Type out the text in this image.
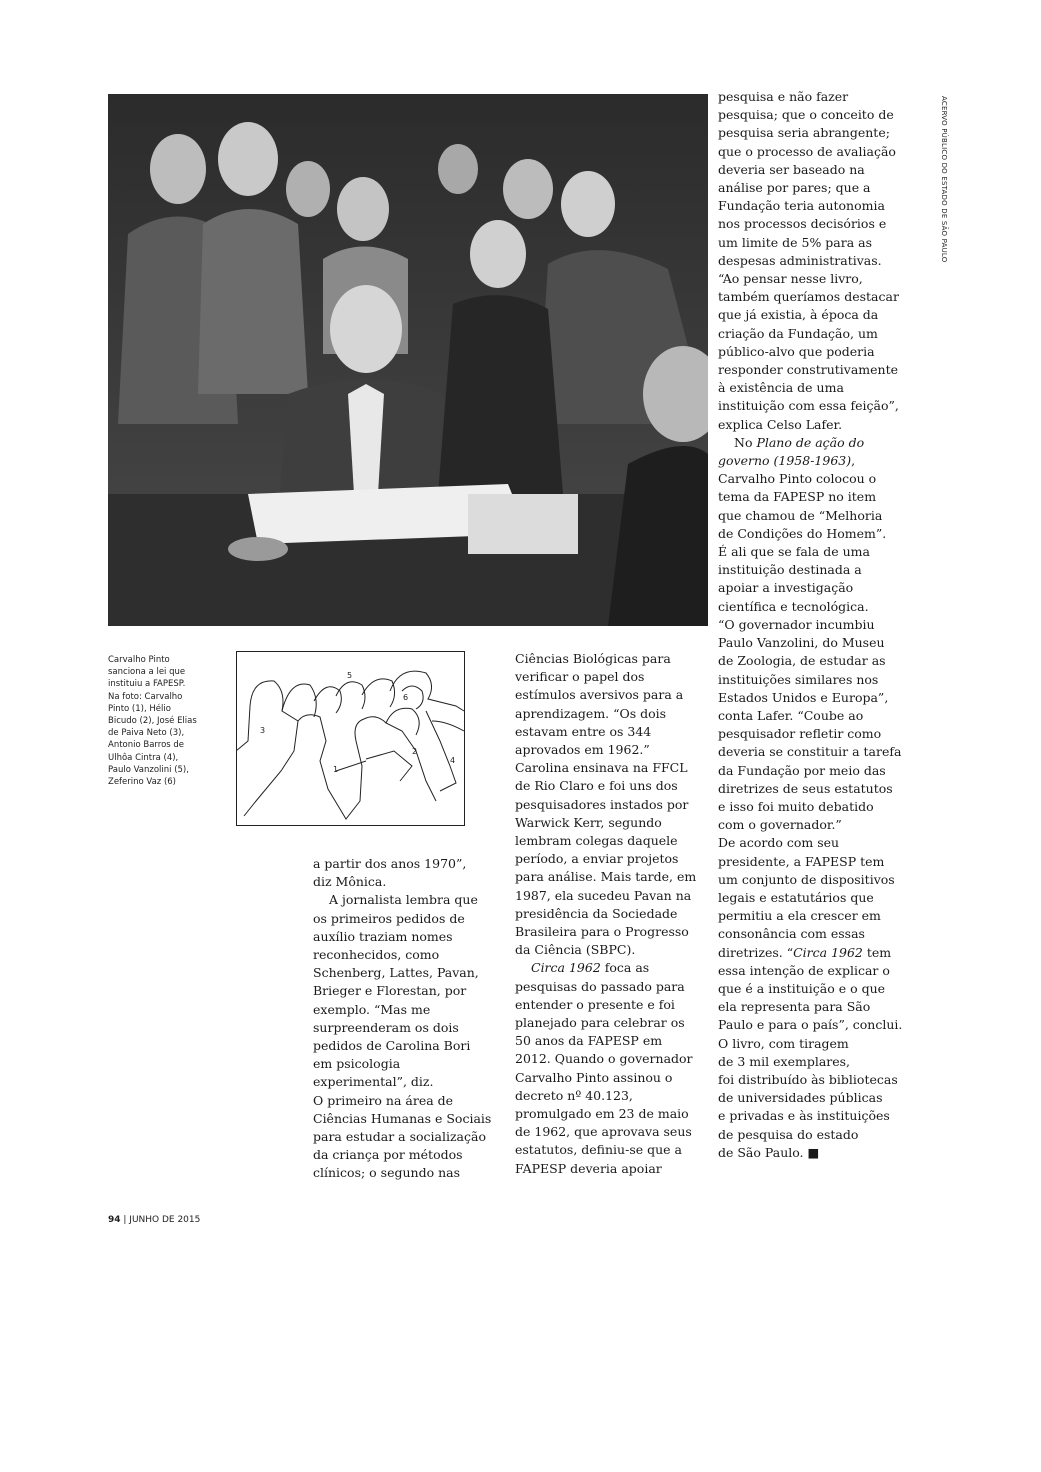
ACERVO PÚBLICO DO ESTADO DE SÃO PAULO
Carvalho Pinto
sanciona a lei que
instituiu a FAPESP.
Na foto: Carvalho
Pinto (1), Hélio
Bicudo (2), José Elias
de Paiva Neto (3),
Antonio Barros de
Ulhôa Cintra (4),
Paulo Vanzolini (5),
Zeferino Vaz (6)
1
2
3
4
5
6
a partir dos anos 1970”,
diz Mônica.
A jornalista lembra que
os primeiros pedidos de
auxílio traziam nomes
reconhecidos, como
Schenberg, Lattes, Pavan,
Brieger e Florestan, por
exemplo. “Mas me
surpreenderam os dois
pedidos de Carolina Bori
em psicologia
experimental”, diz.
O primeiro na área de
Ciências Humanas e Sociais
para estudar a socialização
da criança por métodos
clínicos; o segundo nas
Ciências Biológicas para
verificar o papel dos
estímulos aversivos para a
aprendizagem. “Os dois
estavam entre os 344
aprovados em 1962.”
Carolina ensinava na FFCL
de Rio Claro e foi uns dos
pesquisadores instados por
Warwick Kerr, segundo
lembram colegas daquele
período, a enviar projetos
para análise. Mais tarde, em
1987, ela sucedeu Pavan na
presidência da Sociedade
Brasileira para o Progresso
da Ciência (SBPC).
Circa 1962 foca as
pesquisas do passado para
entender o presente e foi
planejado para celebrar os
50 anos da FAPESP em
2012. Quando o governador
Carvalho Pinto assinou o
decreto nº 40.123,
promulgado em 23 de maio
de 1962, que aprovava seus
estatutos, definiu-se que a
FAPESP deveria apoiar
pesquisa e não fazer
pesquisa; que o conceito de
pesquisa seria abrangente;
que o processo de avaliação
deveria ser baseado na
análise por pares; que a
Fundação teria autonomia
nos processos decisórios e
um limite de 5% para as
despesas administrativas.
“Ao pensar nesse livro,
também queríamos destacar
que já existia, à época da
criação da Fundação, um
público-alvo que poderia
responder construtivamente
à existência de uma
instituição com essa feição”,
explica Celso Lafer.
No Plano de ação do
governo (1958-1963),
Carvalho Pinto colocou o
tema da FAPESP no item
que chamou de “Melhoria
de Condições do Homem”.
É ali que se fala de uma
instituição destinada a
apoiar a investigação
científica e tecnológica.
“O governador incumbiu
Paulo Vanzolini, do Museu
de Zoologia, de estudar as
instituições similares nos
Estados Unidos e Europa”,
conta Lafer. “Coube ao
pesquisador refletir como
deveria se constituir a tarefa
da Fundação por meio das
diretrizes de seus estatutos
e isso foi muito debatido
com o governador.”
De acordo com seu
presidente, a FAPESP tem
um conjunto de dispositivos
legais e estatutários que
permitiu a ela crescer em
consonância com essas
diretrizes. “Circa 1962 tem
essa intenção de explicar o
que é a instituição e o que
ela representa para São
Paulo e para o país”, conclui.
O livro, com tiragem
de 3 mil exemplares,
foi distribuído às bibliotecas
de universidades públicas
e privadas e às instituições
de pesquisa do estado
de São Paulo. ■
94 | JUNHO DE 2015
